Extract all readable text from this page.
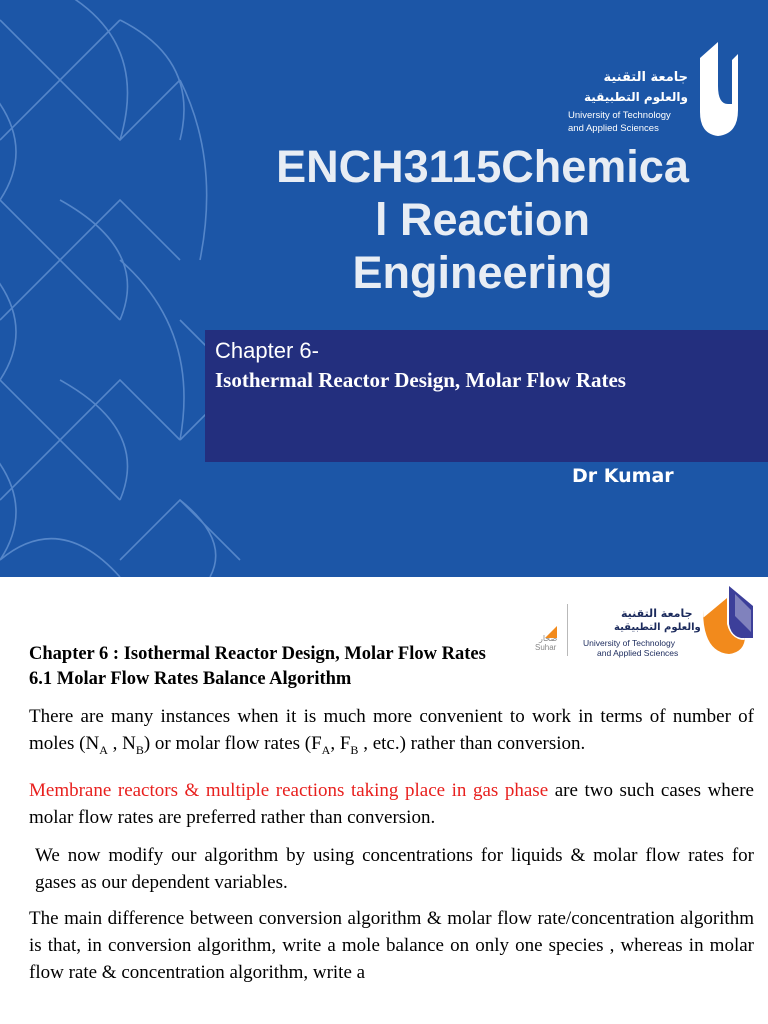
جامعة التقنية
والعلوم التطبيقية
University of Technology
and Applied Sciences
ENCH3115Chemica
l Reaction
Engineering
Chapter 6-
Isothermal Reactor Design, Molar Flow Rates
Dr Kumar
صحار
Suhar
جامعة التقنية
والعلوم التطبيقية
University of Technology
and Applied Sciences
Chapter 6 : Isothermal Reactor Design, Molar Flow Rates
6.1 Molar Flow Rates Balance Algorithm
There are many instances when it is much more convenient to work in terms of number of moles ($N_A$ , $N_B$) or molar flow rates ($F_A$, $F_B$ , etc.) rather than conversion.
Membrane reactors & multiple reactions taking place in gas phase are two such cases where molar flow rates are preferred rather than conversion.
We now modify our algorithm by using concentrations for liquids & molar flow rates for gases as our dependent variables.
The main difference between conversion algorithm & molar flow rate/concentration algorithm is that, in conversion algorithm, write a mole balance on only one species , whereas in molar flow rate & concentration algorithm, write a
